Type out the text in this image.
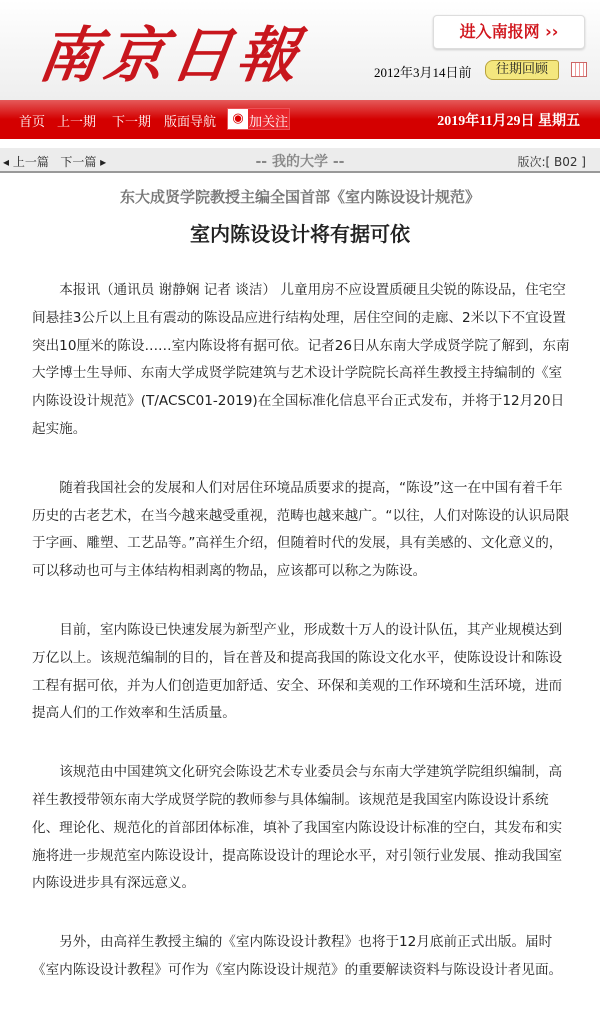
南京日報	进入南报网 ››
2012年3月14日前	往期回顾
首页 上一期 下一期 版面导航	◉ 加关注	2019年11月29日 星期五
◂ 上一篇 下一篇 ▸	-- 我的大学 --	版次:[ B02 ]
东大成贤学院教授主编全国首部《室内陈设设计规范》
室内陈设设计将有据可依

本报讯（通讯员 谢静娴 记者 谈洁） 儿童用房不应设置质硬且尖锐的陈设品，住宅空间悬挂3公斤以上且有震动的陈设品应进行结构处理，居住空间的走廊、2米以下不宜设置突出10厘米的陈设……室内陈设将有据可依。记者26日从东南大学成贤学院了解到，东南大学博士生导师、东南大学成贤学院建筑与艺术设计学院院长高祥生教授主持编制的《室内陈设设计规范》(T/ACSC01-2019)在全国标准化信息平台正式发布，并将于12月20日起实施。

随着我国社会的发展和人们对居住环境品质要求的提高，“陈设”这一在中国有着千年历史的古老艺术，在当今越来越受重视，范畴也越来越广。“以往，人们对陈设的认识局限于字画、雕塑、工艺品等。”高祥生介绍，但随着时代的发展，具有美感的、文化意义的，可以移动也可与主体结构相剥离的物品，应该都可以称之为陈设。

目前，室内陈设已快速发展为新型产业，形成数十万人的设计队伍，其产业规模达到万亿以上。该规范编制的目的，旨在普及和提高我国的陈设文化水平，使陈设设计和陈设工程有据可依，并为人们创造更加舒适、安全、环保和美观的工作环境和生活环境，进而提高人们的工作效率和生活质量。

该规范由中国建筑文化研究会陈设艺术专业委员会与东南大学建筑学院组织编制，高祥生教授带领东南大学成贤学院的教师参与具体编制。该规范是我国室内陈设设计系统化、理论化、规范化的首部团体标准，填补了我国室内陈设设计标准的空白，其发布和实施将进一步规范室内陈设设计，提高陈设设计的理论水平，对引领行业发展、推动我国室内陈设进步具有深远意义。

另外，由高祥生教授主编的《室内陈设设计教程》也将于12月底前正式出版。届时《室内陈设设计教程》可作为《室内陈设设计规范》的重要解读资料与陈设设计者见面。
